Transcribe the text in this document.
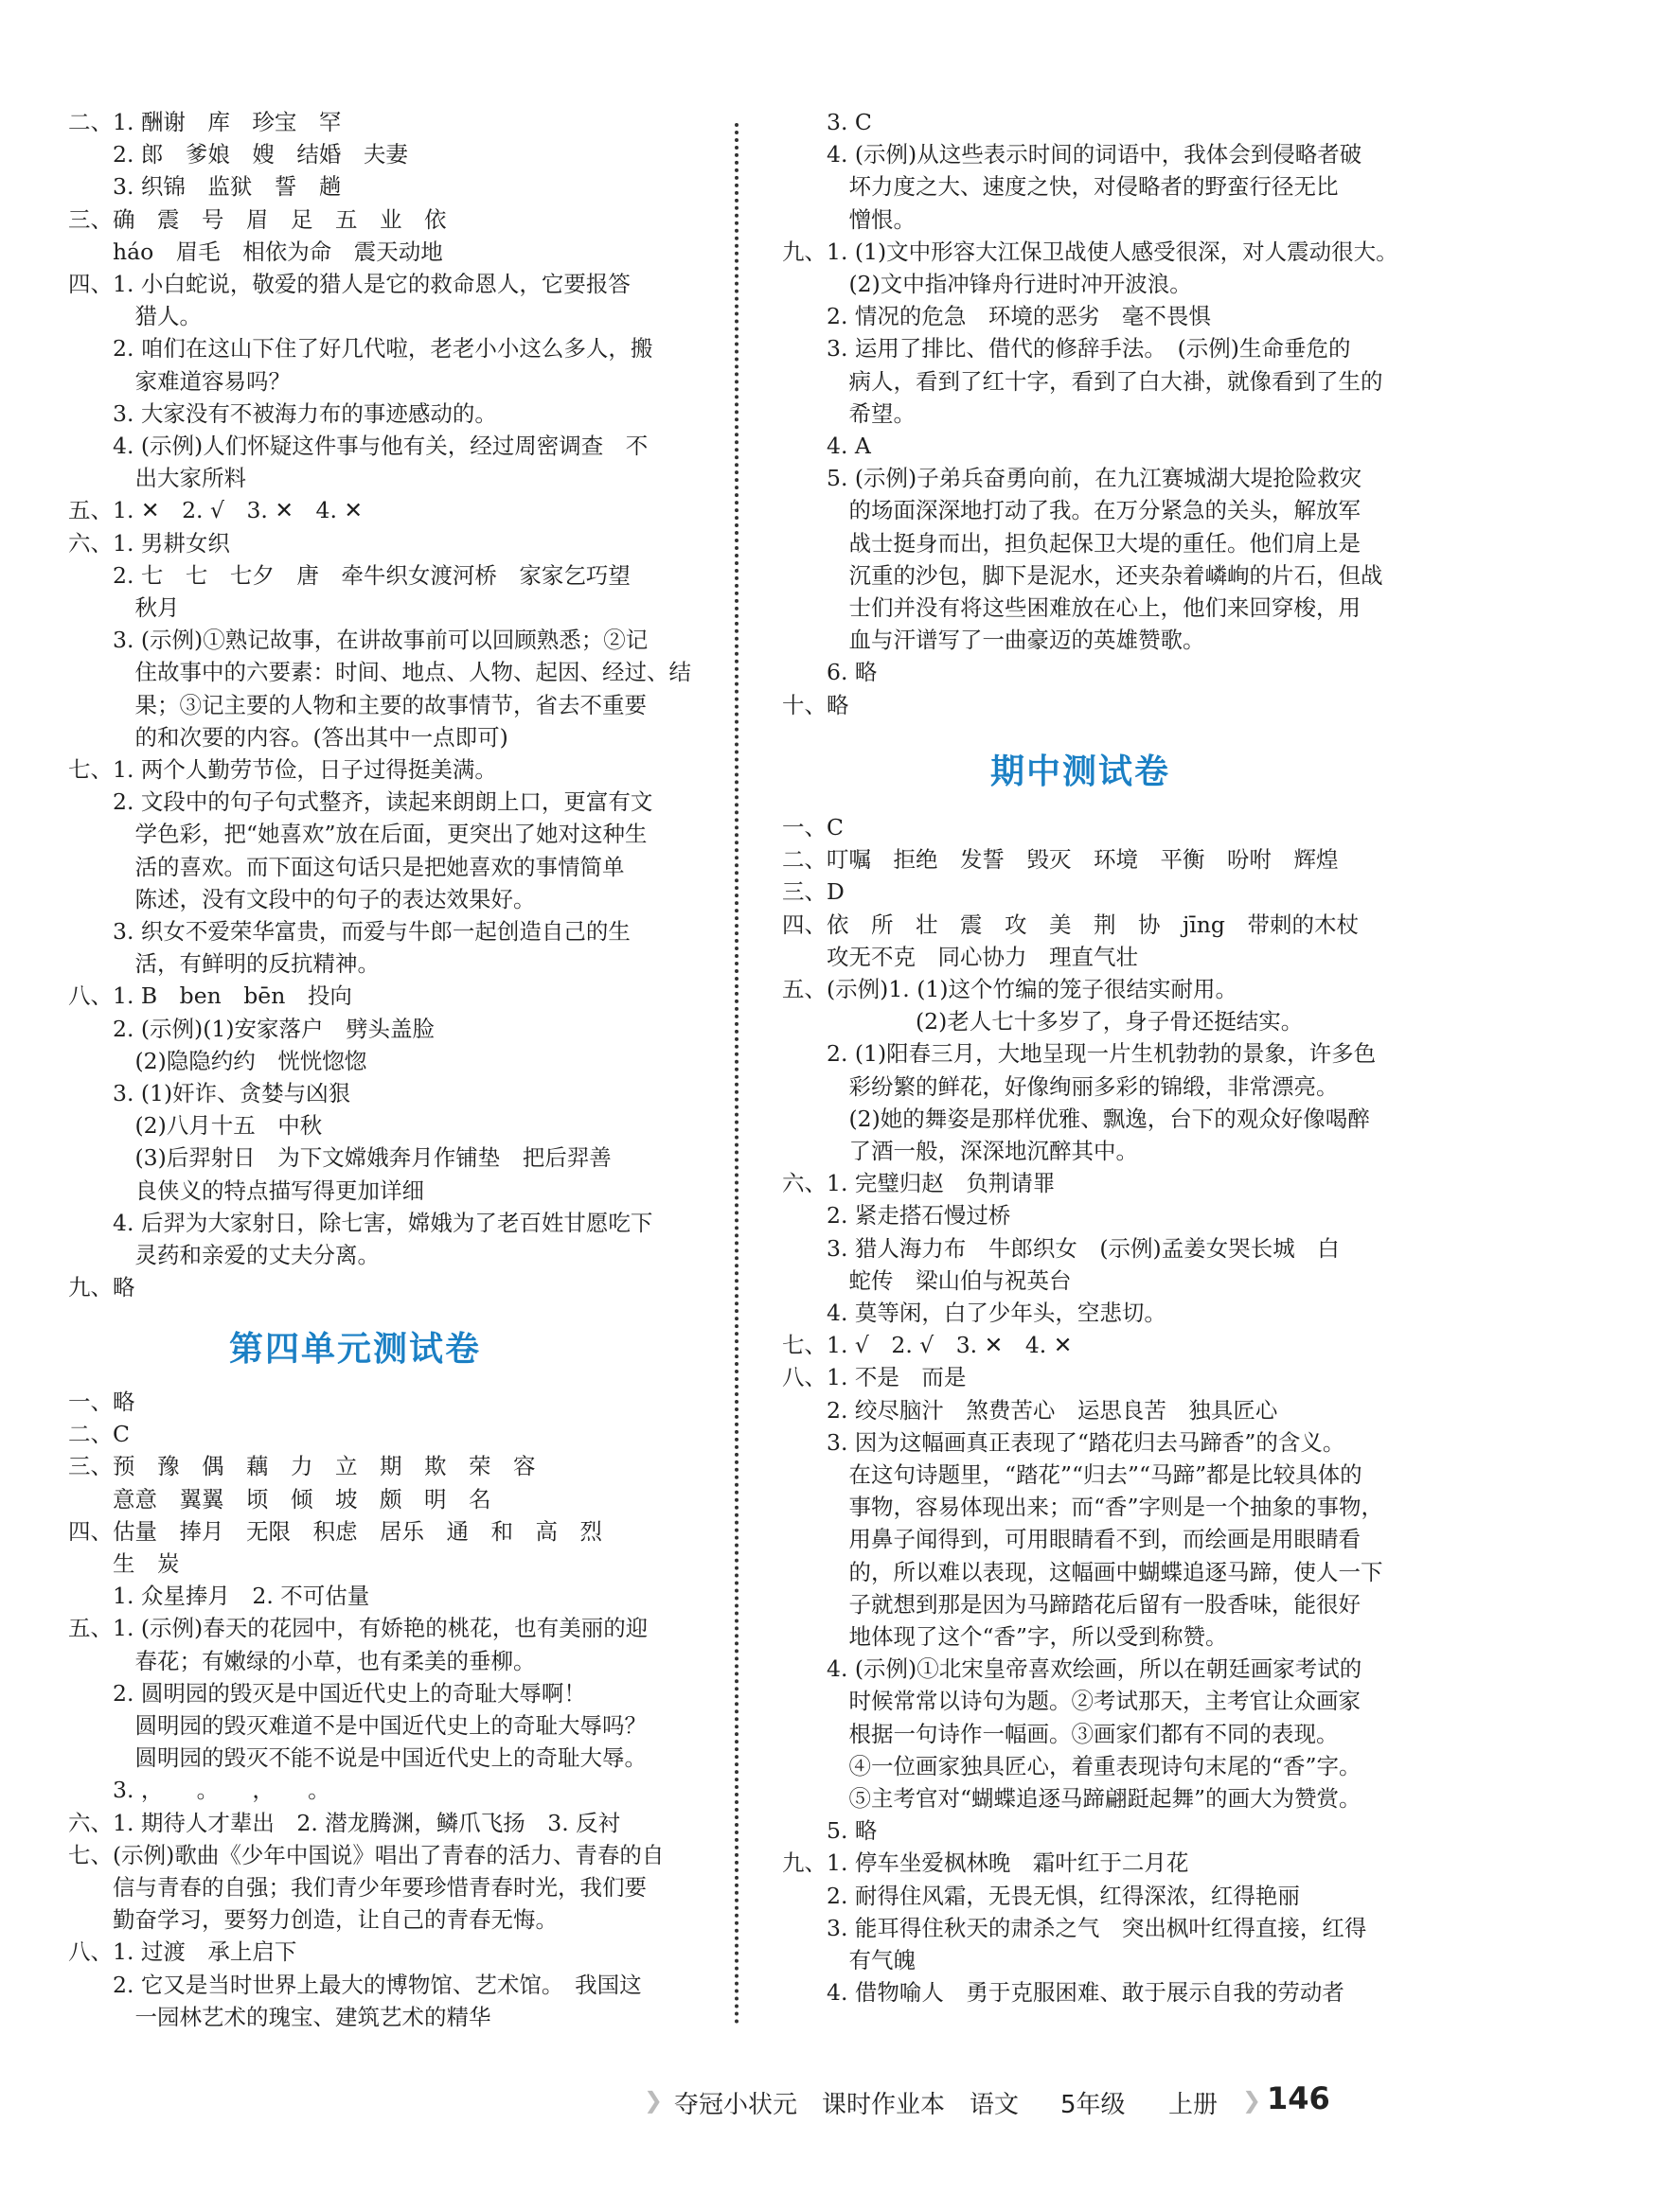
二、1. 酬谢　库　珍宝　罕
　　2. 郎　爹娘　嫂　结婚　夫妻
　　3. 织锦　监狱　誓　趟
三、确　震　号　眉　足　五　业　依
　　háo　眉毛　相依为命　震天动地
四、1. 小白蛇说，敬爱的猎人是它的救命恩人，它要报答
　　　猎人。
　　2. 咱们在这山下住了好几代啦，老老小小这么多人，搬
　　　家难道容易吗？
　　3. 大家没有不被海力布的事迹感动的。
　　4. (示例)人们怀疑这件事与他有关，经过周密调查　不
　　　出大家所料
五、1. ✕　2. √　3. ✕　4. ✕
六、1. 男耕女织
　　2. 七　七　七夕　唐　牵牛织女渡河桥　家家乞巧望
　　　秋月
　　3. (示例)①熟记故事，在讲故事前可以回顾熟悉；②记
　　　住故事中的六要素：时间、地点、人物、起因、经过、结
　　　果；③记主要的人物和主要的故事情节，省去不重要
　　　的和次要的内容。(答出其中一点即可)
七、1. 两个人勤劳节俭，日子过得挺美满。
　　2. 文段中的句子句式整齐，读起来朗朗上口，更富有文
　　　学色彩，把“她喜欢”放在后面，更突出了她对这种生
　　　活的喜欢。而下面这句话只是把她喜欢的事情简单
　　　陈述，没有文段中的句子的表达效果好。
　　3. 织女不爱荣华富贵，而爱与牛郎一起创造自己的生
　　　活，有鲜明的反抗精神。
八、1. B　ben　bēn　投向
　　2. (示例)(1)安家落户　劈头盖脸
　　　(2)隐隐约约　恍恍惚惚
　　3. (1)奸诈、贪婪与凶狠
　　　(2)八月十五　中秋
　　　(3)后羿射日　为下文嫦娥奔月作铺垫　把后羿善
　　　良侠义的特点描写得更加详细
　　4. 后羿为大家射日，除七害，嫦娥为了老百姓甘愿吃下
　　　灵药和亲爱的丈夫分离。
九、略
第四单元测试卷
一、略
二、C
三、预　豫　偶　藕　力　立　期　欺　荣　容
　　意意　翼翼　顷　倾　坡　颇　明　名
四、估量　捧月　无限　积虑　居乐　通　和　高　烈
　　生　炭
　　1. 众星捧月　2. 不可估量
五、1. (示例)春天的花园中，有娇艳的桃花，也有美丽的迎
　　　春花；有嫩绿的小草，也有柔美的垂柳。
　　2. 圆明园的毁灭是中国近代史上的奇耻大辱啊！
　　　圆明园的毁灭难道不是中国近代史上的奇耻大辱吗？
　　　圆明园的毁灭不能不说是中国近代史上的奇耻大辱。
　　3. ，　　。　　，　　。
六、1. 期待人才辈出　2. 潜龙腾渊，鳞爪飞扬　3. 反衬
七、(示例)歌曲《少年中国说》唱出了青春的活力、青春的自
　　信与青春的自强；我们青少年要珍惜青春时光，我们要
　　勤奋学习，要努力创造，让自己的青春无悔。
八、1. 过渡　承上启下
　　2. 它又是当时世界上最大的博物馆、艺术馆。　我国这
　　　一园林艺术的瑰宝、建筑艺术的精华
　　3. C
　　4. (示例)从这些表示时间的词语中，我体会到侵略者破
　　　坏力度之大、速度之快，对侵略者的野蛮行径无比
　　　憎恨。
九、1. (1)文中形容大江保卫战使人感受很深，对人震动很大。
　　　(2)文中指冲锋舟行进时冲开波浪。
　　2. 情况的危急　环境的恶劣　毫不畏惧
　　3. 运用了排比、借代的修辞手法。　(示例)生命垂危的
　　　病人，看到了红十字，看到了白大褂，就像看到了生的
　　　希望。
　　4. A
　　5. (示例)子弟兵奋勇向前，在九江赛城湖大堤抢险救灾
　　　的场面深深地打动了我。在万分紧急的关头，解放军
　　　战士挺身而出，担负起保卫大堤的重任。他们肩上是
　　　沉重的沙包，脚下是泥水，还夹杂着嶙峋的片石，但战
　　　士们并没有将这些困难放在心上，他们来回穿梭，用
　　　血与汗谱写了一曲豪迈的英雄赞歌。
　　6. 略
十、略
期中测试卷
一、C
二、叮嘱　拒绝　发誓　毁灭　环境　平衡　吩咐　辉煌
三、D
四、依　所　壮　震　攻　美　荆　协　jīng　带刺的木杖
　　攻无不克　同心协力　理直气壮
五、(示例)1. (1)这个竹编的笼子很结实耐用。
　　　　　　(2)老人七十多岁了，身子骨还挺结实。
　　2. (1)阳春三月，大地呈现一片生机勃勃的景象，许多色
　　　彩纷繁的鲜花，好像绚丽多彩的锦缎，非常漂亮。
　　　(2)她的舞姿是那样优雅、飘逸，台下的观众好像喝醉
　　　了酒一般，深深地沉醉其中。
六、1. 完璧归赵　负荆请罪
　　2. 紧走搭石慢过桥
　　3. 猎人海力布　牛郎织女　(示例)孟姜女哭长城　白
　　　蛇传　梁山伯与祝英台
　　4. 莫等闲，白了少年头，空悲切。
七、1. √　2. √　3. ✕　4. ✕
八、1. 不是　而是
　　2. 绞尽脑汁　煞费苦心　运思良苦　独具匠心
　　3. 因为这幅画真正表现了“踏花归去马蹄香”的含义。
　　　在这句诗题里，“踏花”“归去”“马蹄”都是比较具体的
　　　事物，容易体现出来；而“香”字则是一个抽象的事物，
　　　用鼻子闻得到，可用眼睛看不到，而绘画是用眼睛看
　　　的，所以难以表现，这幅画中蝴蝶追逐马蹄，使人一下
　　　子就想到那是因为马蹄踏花后留有一股香味，能很好
　　　地体现了这个“香”字，所以受到称赞。
　　4. (示例)①北宋皇帝喜欢绘画，所以在朝廷画家考试的
　　　时候常常以诗句为题。②考试那天，主考官让众画家
　　　根据一句诗作一幅画。③画家们都有不同的表现。
　　　④一位画家独具匠心，着重表现诗句末尾的“香”字。
　　　⑤主考官对“蝴蝶追逐马蹄翩跹起舞”的画大为赞赏。
　　5. 略
九、1. 停车坐爱枫林晚　霜叶红于二月花
　　2. 耐得住风霜，无畏无惧，红得深浓，红得艳丽
　　3. 能耳得住秋天的肃杀之气　突出枫叶红得直接，红得
　　　有气魄
　　4. 借物喻人　勇于克服困难、敢于展示自我的劳动者
❯ 夺冠小状元 课时作业本 语文 5年级 上册 ❯ 146
